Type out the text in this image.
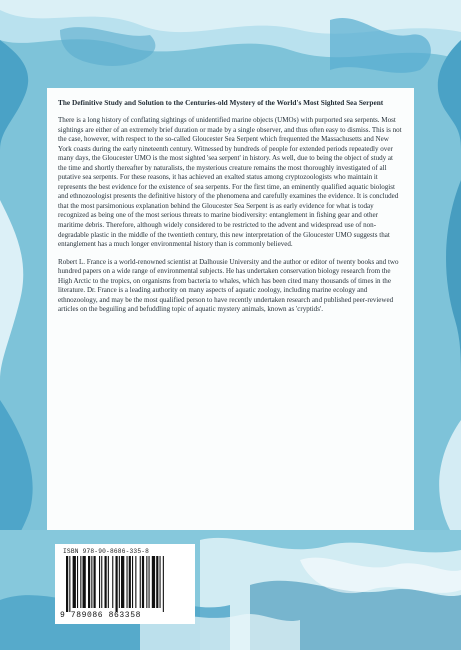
The Definitive Study and Solution to the Centuries-old Mystery of the World's Most Sighted Sea Serpent

There is a long history of conflating sightings of unidentified marine objects (UMOs) with purported sea serpents. Most sightings are either of an extremely brief duration or made by a single observer, and thus often easy to dismiss. This is not the case, however, with respect to the so-called Gloucester Sea Serpent which frequented the Massachusetts and New York coasts during the early nineteenth century. Witnessed by hundreds of people for extended periods repeatedly over many days, the Gloucester UMO is the most sighted 'sea serpent' in history. As well, due to being the object of study at the time and shortly thereafter by naturalists, the mysterious creature remains the most thoroughly investigated of all putative sea serpents. For these reasons, it has achieved an exalted status among cryptozoologists who maintain it represents the best evidence for the existence of sea serpents. For the first time, an eminently qualified aquatic biologist and ethnozoologist presents the definitive history of the phenomena and carefully examines the evidence. It is concluded that the most parsimonious explanation behind the Gloucester Sea Serpent is as early evidence for what is today recognized as being one of the most serious threats to marine biodiversity: entanglement in fishing gear and other maritime debris. Therefore, although widely considered to be restricted to the advent and widespread use of non-degradable plastic in the middle of the twentieth century, this new interpretation of the Gloucester UMO suggests that entanglement has a much longer environmental history than is commonly believed.

Robert L. France is a world-renowned scientist at Dalhousie University and the author or editor of twenty books and two hundred papers on a wide range of environmental subjects. He has undertaken conservation biology research from the High Arctic to the tropics, on organisms from bacteria to whales, which has been cited many thousands of times in the literature. Dr. France is a leading authority on many aspects of aquatic zoology, including marine ecology and ethnozoology, and may be the most qualified person to have recently undertaken research and published peer-reviewed articles on the beguiling and befuddling topic of aquatic mystery animals, known as 'cryptids'.

ISBN 978-90-8686-335-8
9 789086 863358
